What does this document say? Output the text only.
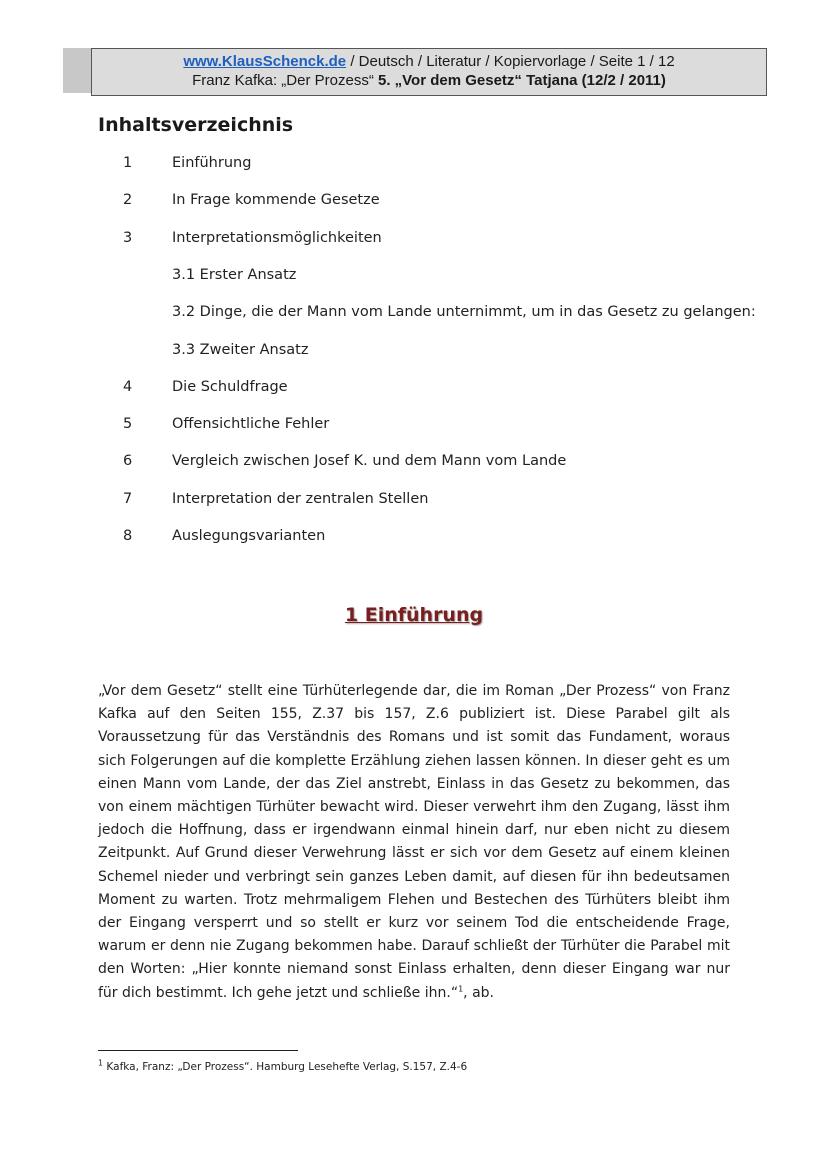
www.KlausSchenck.de / Deutsch / Literatur / Kopiervorlage / Seite 1 / 12
Franz Kafka: „Der Prozess“ 5. „Vor dem Gesetz“ Tatjana (12/2 / 2011)
Inhaltsverzeichnis
1	Einführung
2	In Frage kommende Gesetze
3	Interpretationsmöglichkeiten
3.1 Erster Ansatz
3.2 Dinge, die der Mann vom Lande unternimmt, um in das Gesetz zu gelangen:
3.3 Zweiter Ansatz
4	Die Schuldfrage
5	Offensichtliche Fehler
6	Vergleich zwischen Josef K. und dem Mann vom Lande
7	Interpretation der zentralen Stellen
8	Auslegungsvarianten
1 Einführung

„Vor dem Gesetz“ stellt eine Türhüterlegende dar, die im Roman „Der Prozess“ von Franz Kafka auf den Seiten 155, Z.37 bis 157, Z.6 publiziert ist. Diese Parabel gilt als Voraussetzung für das Verständnis des Romans und ist somit das Fundament, woraus sich Folgerungen auf die komplette Erzählung ziehen lassen können. In dieser geht es um einen Mann vom Lande, der das Ziel anstrebt, Einlass in das Gesetz zu bekommen, das von einem mächtigen Türhüter bewacht wird. Dieser verwehrt ihm den Zugang, lässt ihm jedoch die Hoffnung, dass er irgendwann einmal hinein darf, nur eben nicht zu diesem Zeitpunkt. Auf Grund dieser Verwehrung lässt er sich vor dem Gesetz auf einem kleinen Schemel nieder und verbringt sein ganzes Leben damit, auf diesen für ihn bedeutsamen Moment zu warten. Trotz mehrmaligem Flehen und Bestechen des Türhüters bleibt ihm der Eingang versperrt und so stellt er kurz vor seinem Tod die entscheidende Frage, warum er denn nie Zugang bekommen habe. Darauf schließt der Türhüter die Parabel mit den Worten: „Hier konnte niemand sonst Einlass erhalten, denn dieser Eingang war nur für dich bestimmt. Ich gehe jetzt und schließe ihn.“$^1$, ab.

$^1$ Kafka, Franz: „Der Prozess“. Hamburg Lesehefte Verlag, S.157, Z.4-6
